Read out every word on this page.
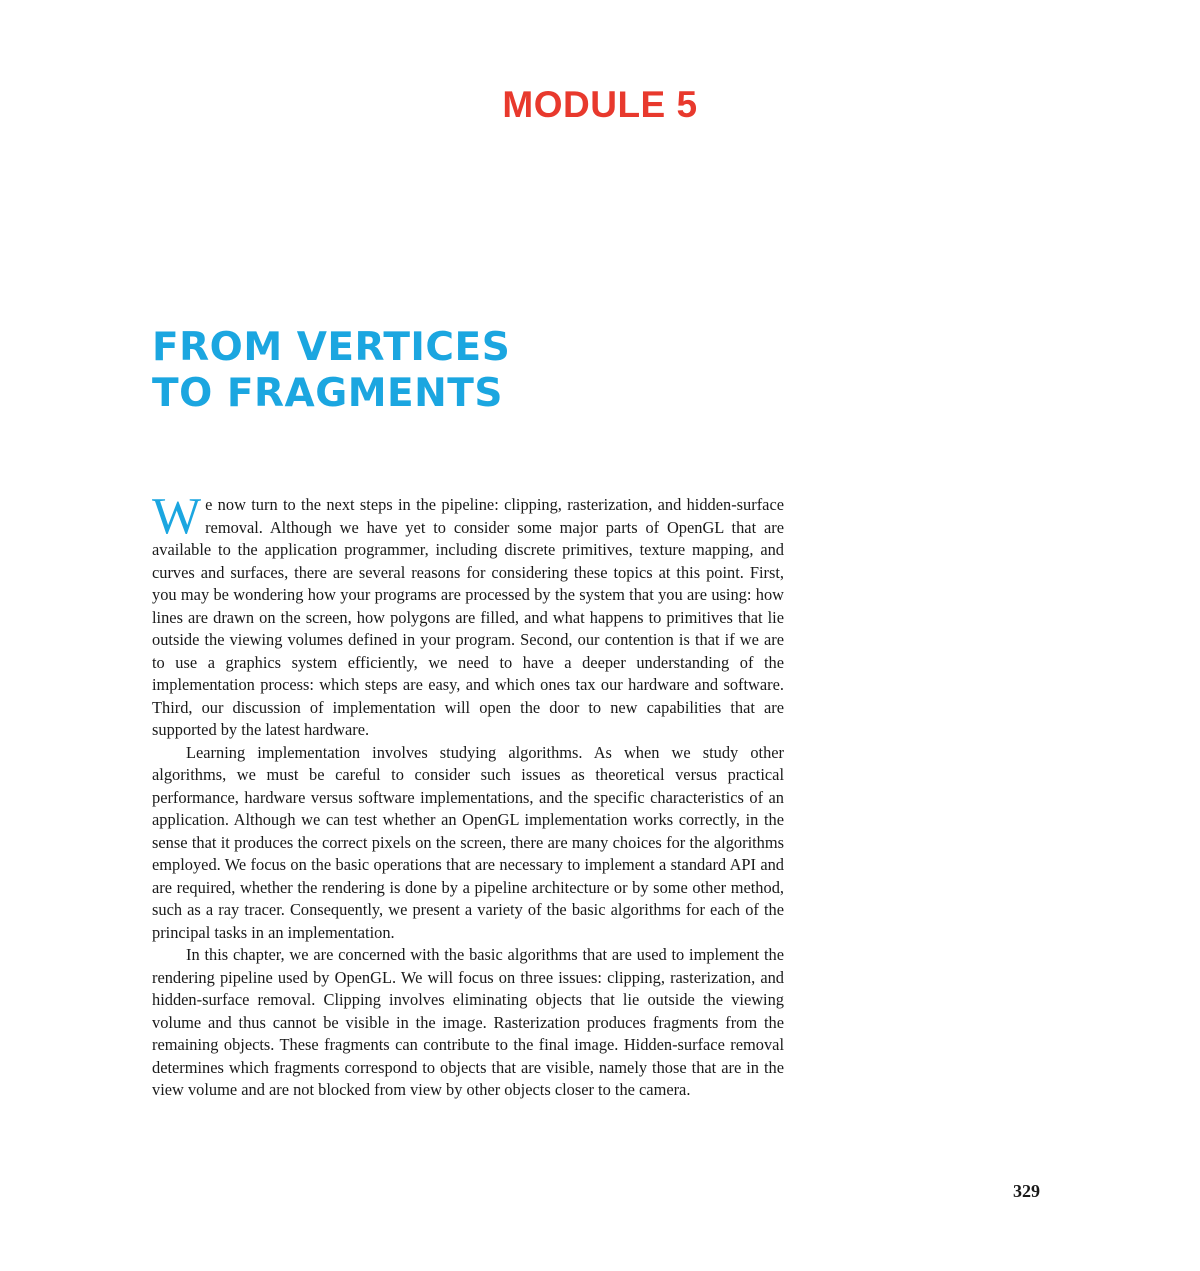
MODULE 5
FROM VERTICES
TO FRAGMENTS

We now turn to the next steps in the pipeline: clipping, rasterization, and hidden-surface removal. Although we have yet to consider some major parts of OpenGL that are available to the application programmer, including discrete primitives, texture mapping, and curves and surfaces, there are several reasons for considering these topics at this point. First, you may be wondering how your programs are processed by the system that you are using: how lines are drawn on the screen, how polygons are filled, and what happens to primitives that lie outside the viewing volumes defined in your program. Second, our contention is that if we are to use a graphics system efficiently, we need to have a deeper understanding of the implementation process: which steps are easy, and which ones tax our hardware and software. Third, our discussion of implementation will open the door to new capabilities that are supported by the latest hardware.

Learning implementation involves studying algorithms. As when we study other algorithms, we must be careful to consider such issues as theoretical versus practical performance, hardware versus software implementations, and the specific characteristics of an application. Although we can test whether an OpenGL implementation works correctly, in the sense that it produces the correct pixels on the screen, there are many choices for the algorithms employed. We focus on the basic operations that are necessary to implement a standard API and are required, whether the rendering is done by a pipeline architecture or by some other method, such as a ray tracer. Consequently, we present a variety of the basic algorithms for each of the principal tasks in an implementation.

In this chapter, we are concerned with the basic algorithms that are used to implement the rendering pipeline used by OpenGL. We will focus on three issues: clipping, rasterization, and hidden-surface removal. Clipping involves eliminating objects that lie outside the viewing volume and thus cannot be visible in the image. Rasterization produces fragments from the remaining objects. These fragments can contribute to the final image. Hidden-surface removal determines which fragments correspond to objects that are visible, namely those that are in the view volume and are not blocked from view by other objects closer to the camera.

329
